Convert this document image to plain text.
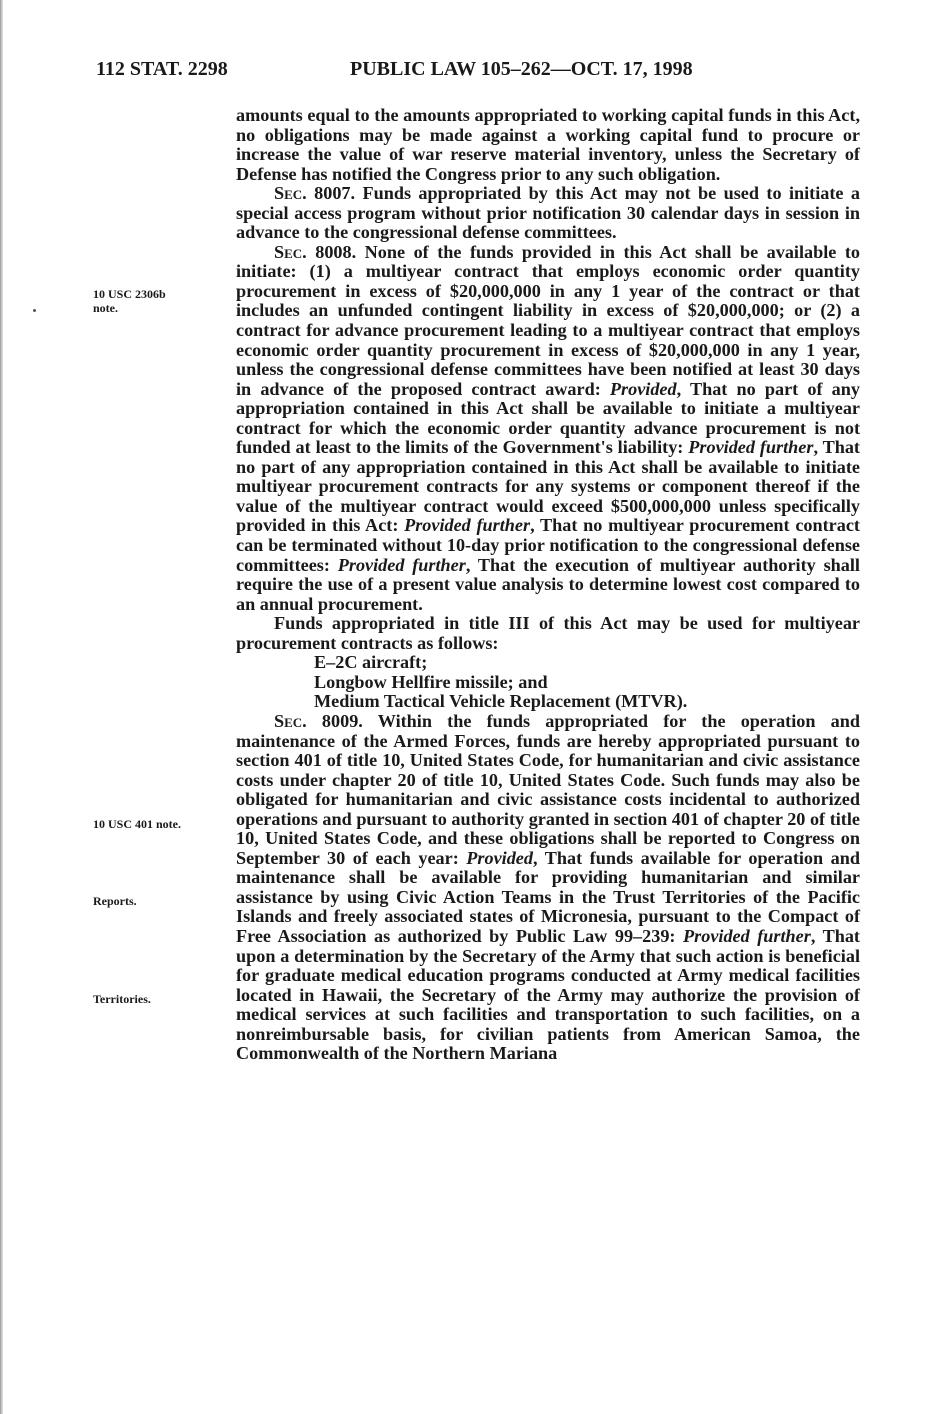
112 STAT. 2298	PUBLIC LAW 105–262—OCT. 17, 1998
10 USC 2306b
note.
10 USC 401 note.
Reports.
Territories.

amounts equal to the amounts appropriated to working capital funds in this Act, no obligations may be made against a working capital fund to procure or increase the value of war reserve material inventory, unless the Secretary of Defense has notified the Congress prior to any such obligation.

Sec. 8007. Funds appropriated by this Act may not be used to initiate a special access program without prior notification 30 calendar days in session in advance to the congressional defense committees.

Sec. 8008. None of the funds provided in this Act shall be available to initiate: (1) a multiyear contract that employs economic order quantity procurement in excess of $20,000,000 in any 1 year of the contract or that includes an unfunded contingent liability in excess of $20,000,000; or (2) a contract for advance procurement leading to a multiyear contract that employs economic order quantity procurement in excess of $20,000,000 in any 1 year, unless the congressional defense committees have been notified at least 30 days in advance of the proposed contract award: Provided, That no part of any appropriation contained in this Act shall be available to initiate a multiyear contract for which the economic order quantity advance procurement is not funded at least to the limits of the Government's liability: Provided further, That no part of any appropriation contained in this Act shall be available to initiate multiyear procurement contracts for any systems or component thereof if the value of the multiyear contract would exceed $500,000,000 unless specifically provided in this Act: Provided further, That no multiyear procurement contract can be terminated without 10-day prior notification to the congressional defense committees: Provided further, That the execution of multiyear authority shall require the use of a present value analysis to determine lowest cost compared to an annual procurement.

Funds appropriated in title III of this Act may be used for multiyear procurement contracts as follows:

E–2C aircraft;

Longbow Hellfire missile; and

Medium Tactical Vehicle Replacement (MTVR).

Sec. 8009. Within the funds appropriated for the operation and maintenance of the Armed Forces, funds are hereby appropriated pursuant to section 401 of title 10, United States Code, for humanitarian and civic assistance costs under chapter 20 of title 10, United States Code. Such funds may also be obligated for humanitarian and civic assistance costs incidental to authorized operations and pursuant to authority granted in section 401 of chapter 20 of title 10, United States Code, and these obligations shall be reported to Congress on September 30 of each year: Provided, That funds available for operation and maintenance shall be available for providing humanitarian and similar assistance by using Civic Action Teams in the Trust Territories of the Pacific Islands and freely associated states of Micronesia, pursuant to the Compact of Free Association as authorized by Public Law 99–239: Provided further, That upon a determination by the Secretary of the Army that such action is beneficial for graduate medical education programs conducted at Army medical facilities located in Hawaii, the Secretary of the Army may authorize the provision of medical services at such facilities and transportation to such facilities, on a nonreimbursable basis, for civilian patients from American Samoa, the Commonwealth of the Northern Mariana
